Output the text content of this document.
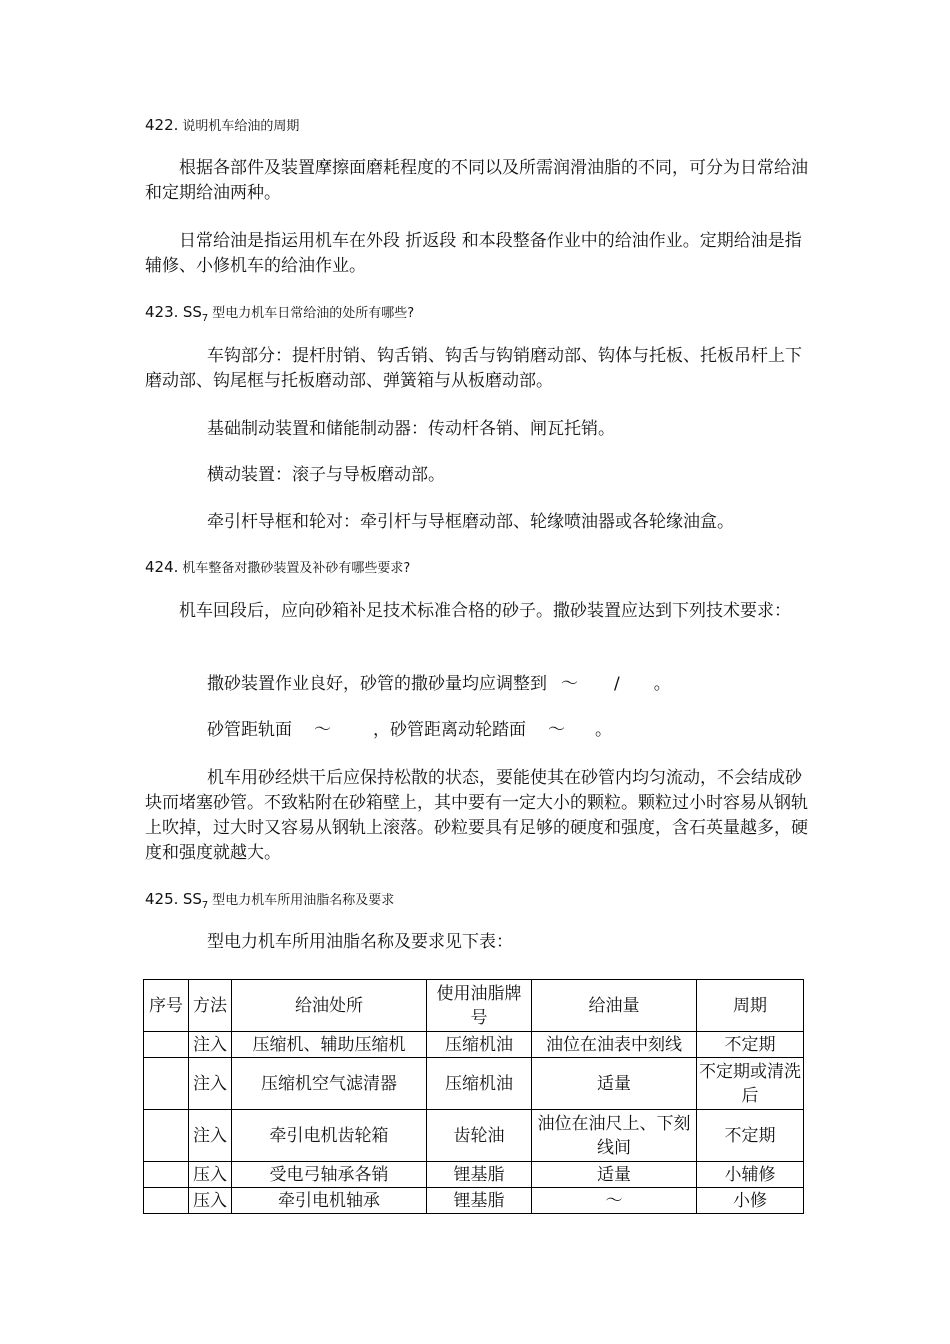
422. 说明机车给油的周期
根据各部件及装置摩擦面磨耗程度的不同以及所需润滑油脂的不同，可分为日常给油和定期给油两种。
日常给油是指运用机车在外段 折返段 和本段整备作业中的给油作业。定期给油是指辅修、小修机车的给油作业。
423. $SS_7$ 型电力机车日常给油的处所有哪些?
车钩部分：提杆肘销、钩舌销、钩舌与钩销磨动部、钩体与托板、托板吊杆上下磨动部、钩尾框与托板磨动部、弹簧箱与从板磨动部。
基础制动装置和储能制动器：传动杆各销、闸瓦托销。
横动装置：滚子与导板磨动部。
牵引杆导框和轮对：牵引杆与导框磨动部、轮缘喷油器或各轮缘油盒。
424. 机车整备对撒砂装置及补砂有哪些要求?
机车回段后，应向砂箱补足技术标准合格的砂子。撒砂装置应达到下列技术要求：
撒砂装置作业良好，砂管的撒砂量均应调整到 ～ / 。
砂管距轨面 ～ ，砂管距离动轮踏面 ～ 。
机车用砂经烘干后应保持松散的状态，要能使其在砂管内均匀流动，不会结成砂块而堵塞砂管。不致粘附在砂箱壁上，其中要有一定大小的颗粒。颗粒过小时容易从钢轨上吹掉，过大时又容易从钢轨上滚落。砂粒要具有足够的硬度和强度，含石英量越多，硬度和强度就越大。
425. $SS_7$ 型电力机车所用油脂名称及要求
型电力机车所用油脂名称及要求见下表：
序号	方法	给油处所	使用油脂牌号	给油量	周期
	注入	压缩机、辅助压缩机	压缩机油	油位在油表中刻线	不定期
	注入	压缩机空气滤清器	压缩机油	适量	不定期或清洗后
	注入	牵引电机齿轮箱	齿轮油	油位在油尺上、下刻线间	不定期
	压入	受电弓轴承各销	锂基脂	适量	小辅修
	压入	牵引电机轴承	锂基脂	～	小修
